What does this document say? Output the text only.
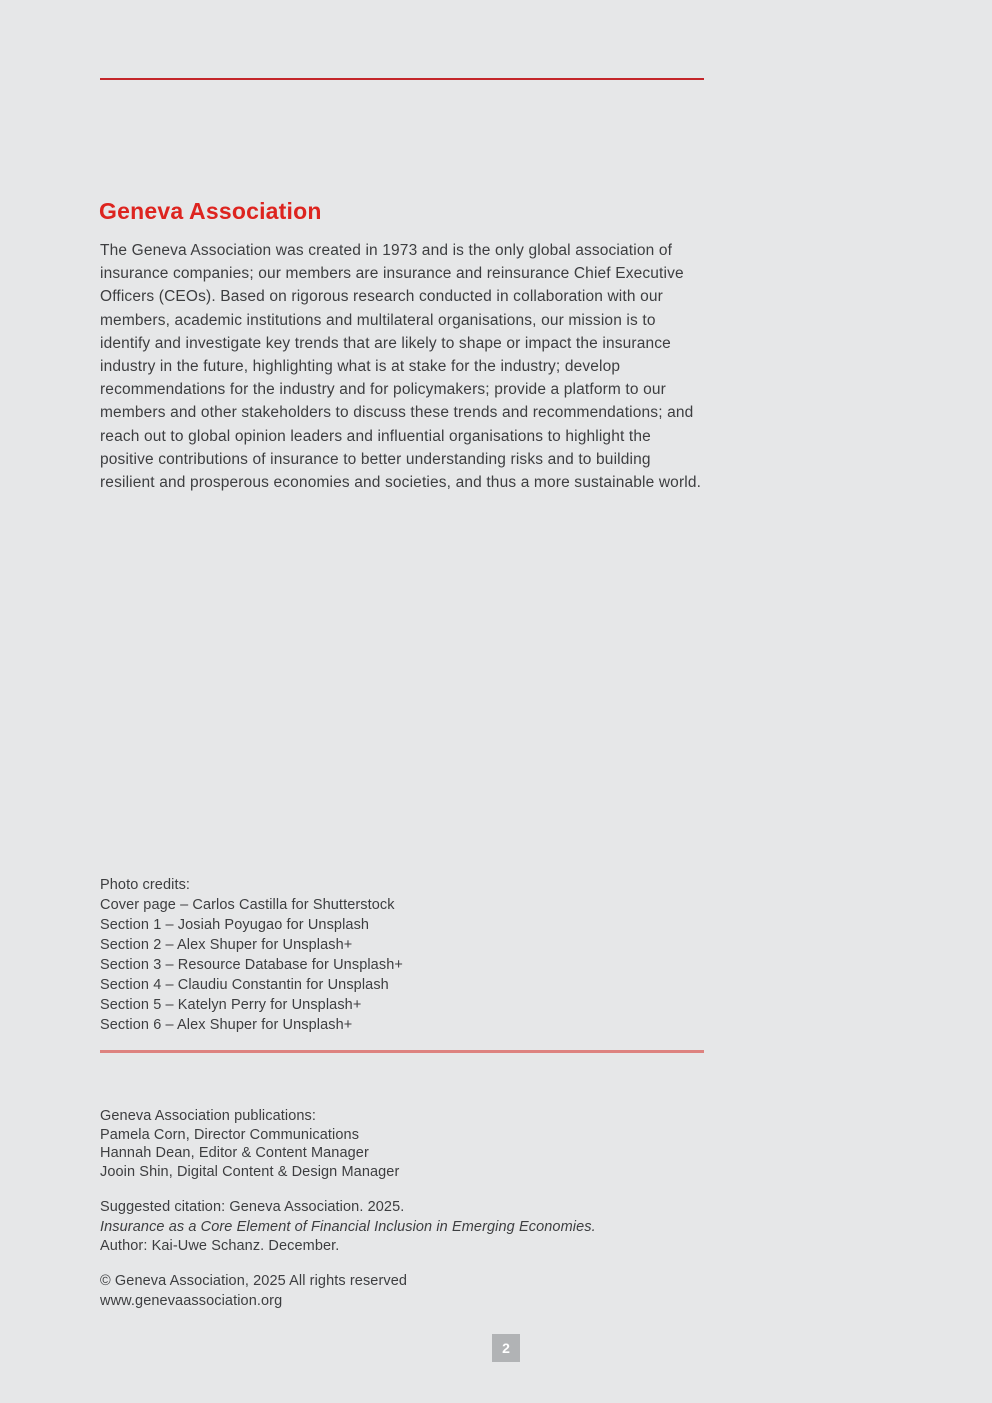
Geneva Association

The Geneva Association was created in 1973 and is the only global association of insurance companies; our members are insurance and reinsurance Chief Executive Officers (CEOs). Based on rigorous research conducted in collaboration with our members, academic institutions and multilateral organisations, our mission is to identify and investigate key trends that are likely to shape or impact the insurance industry in the future, highlighting what is at stake for the industry; develop recommendations for the industry and for policymakers; provide a platform to our members and other stakeholders to discuss these trends and recommendations; and reach out to global opinion leaders and influential organisations to highlight the positive contributions of insurance to better understanding risks and to building resilient and prosperous economies and societies, and thus a more sustainable world.

Photo credits:
Cover page – Carlos Castilla for Shutterstock
Section 1 – Josiah Poyugao for Unsplash
Section 2 – Alex Shuper for Unsplash+
Section 3 – Resource Database for Unsplash+
Section 4 – Claudiu Constantin for Unsplash
Section 5 – Katelyn Perry for Unsplash+
Section 6 – Alex Shuper for Unsplash+
Geneva Association publications:
Pamela Corn, Director Communications
Hannah Dean, Editor & Content Manager
Jooin Shin, Digital Content & Design Manager
Suggested citation: Geneva Association. 2025.
Insurance as a Core Element of Financial Inclusion in Emerging Economies.
Author: Kai-Uwe Schanz. December.
© Geneva Association, 2025 All rights reserved
www.genevaassociation.org
2
